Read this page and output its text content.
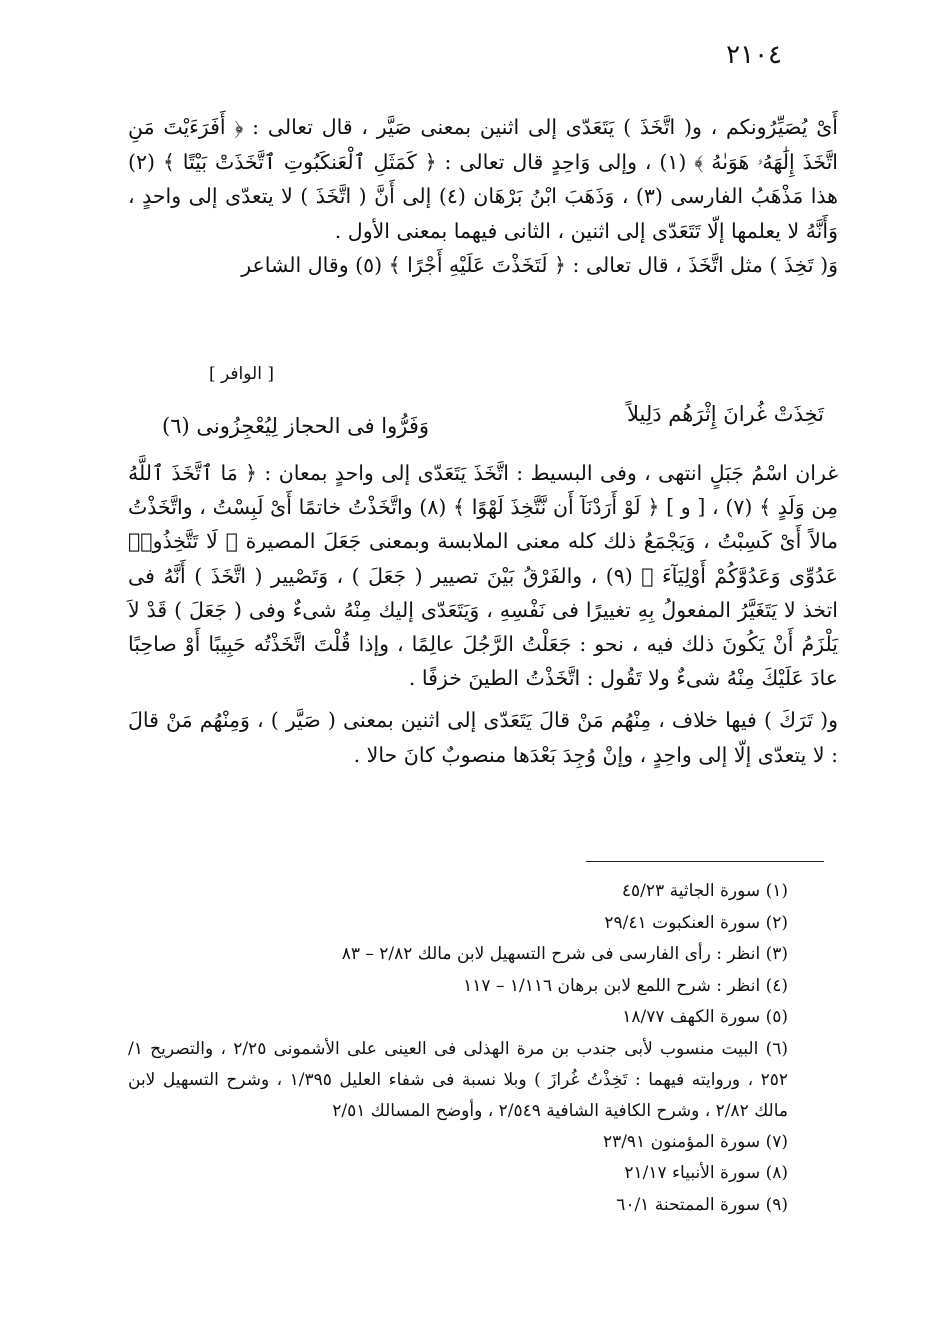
٢١٠٤

أَىْ يُصَيِّرُونكم ، و( اتَّخَذَ ) يَتَعَدّى إلى اثنين بمعنى صَيَّر ، قال تعالى : ﴿ أَفَرَءَيْتَ مَنِ اتَّخَذَ إِلَٰهَهُۥ هَوَىٰهُ ﴾ (١) ، وإلى وَاحِدٍ قال تعالى : ﴿ كَمَثَلِ ٱلْعَنكَبُوتِ ٱتَّخَذَتْ بَيْتًا ﴾ (٢) هذا مَذْهَبُ الفارسى (٣) ، وَذَهَبَ ابْنُ بَرْهَان (٤) إلى أَنَّ ( اتَّخَذَ ) لا يتعدّى إلى واحدٍ ، وَأَنَّهُ لا يعلمها إلّا تَتَعَدّى إلى اثنين ، الثانى فيهما بمعنى الأول .

وَ( تَخِذَ ) مثل اتَّخَذَ ، قال تعالى : ﴿ لَتَخَذْتَ عَلَيْهِ أَجْرًا ﴾ (٥) وقال الشاعر

[ الوافر ]
تَخِذَتْ غُرانَ إِثْرَهُم دَلِيلاً
وَفَرُّوا فى الحجاز لِيُعْجِزُونى (٦)

غران اسْمُ جَبَلٍ انتهى ، وفى البسيط : اتَّخَذَ يَتَعَدّى إلى واحدٍ بمعان : ﴿ مَا ٱتَّخَذَ ٱللَّهُ مِن وَلَدٍ ﴾ (٧) ، [ و ] ﴿ لَوْ أَرَدْنَآ أَن نَّتَّخِذَ لَهْوًا ﴾ (٨) واتَّخَذْتُ خاتمًا أَىْ لَبِسْتُ ، واتَّخَذْتُ مالاً أَىْ كَسِبْتُ ، وَيَجْمَعُ ذلك كله معنى الملابسة وبمعنى جَعَلَ المصيرة ﴿ لَا تَتَّخِذُوا۟ عَدُوِّى وَعَدُوَّكُمْ أَوْلِيَآءَ ﴾ (٩) ، والفَرْقُ بَيْنَ تصيير ( جَعَلَ ) ، وَتَصْيير ( اتَّخَذَ ) أَنَّهُ فى اتخذ لا يَتَغَيَّرُ المفعولُ بِهِ تغييرًا فى نَفْسِهِ ، وَيَتَعَدّى إليك مِنْهُ شىءٌ وفى ( جَعَلَ ) قَدْ لاَ يَلْزَمُ أَنْ يَكُونَ ذلك فيه ، نحو : جَعَلْتُ الرَّجُلَ عالِمًا ، وإذا قُلْتَ اتَّخَذْتُه حَبِيبًا أَوْ صاحِبًا عادَ عَلَيْكَ مِنْهُ شىءٌ ولا تَقُول : اتَّخَذْتُ الطينَ خزفًا .

و( تَرَكَ ) فيها خلاف ، مِنْهُم مَنْ قالَ يَتَعَدّى إلى اثنين بمعنى ( صَيَّر ) ، وَمِنْهُم مَنْ قالَ : لا يتعدّى إلّا إلى واحِدٍ ، وإنْ وُجِدَ بَعْدَها منصوبٌ كانَ حالا .

(١) سورة الجاثية ٤٥/٢٣

(٢) سورة العنكبوت ٢٩/٤١

(٣) انظر : رأى الفارسى فى شرح التسهيل لابن مالك ٢/٨٢ – ٨٣

(٤) انظر : شرح اللمع لابن برهان ١/١١٦ – ١١٧

(٥) سورة الكهف ١٨/٧٧

(٦) البيت منسوب لأبى جندب بن مرة الهذلى فى العينى على الأشمونى ٢/٢٥ ، والتصريح ١/ ٢٥٢ ، وروايته فيهما : تَخِذْتُ غُرازَ ) وبلا نسبة فى شفاء العليل ١/٣٩٥ ، وشرح التسهيل لابن مالك ٢/٨٢ ، وشرح الكافية الشافية ٢/٥٤٩ ، وأوضح المسالك ٢/٥١

(٧) سورة المؤمنون ٢٣/٩١

(٨) سورة الأنبياء ٢١/١٧

(٩) سورة الممتحنة ٦٠/١
